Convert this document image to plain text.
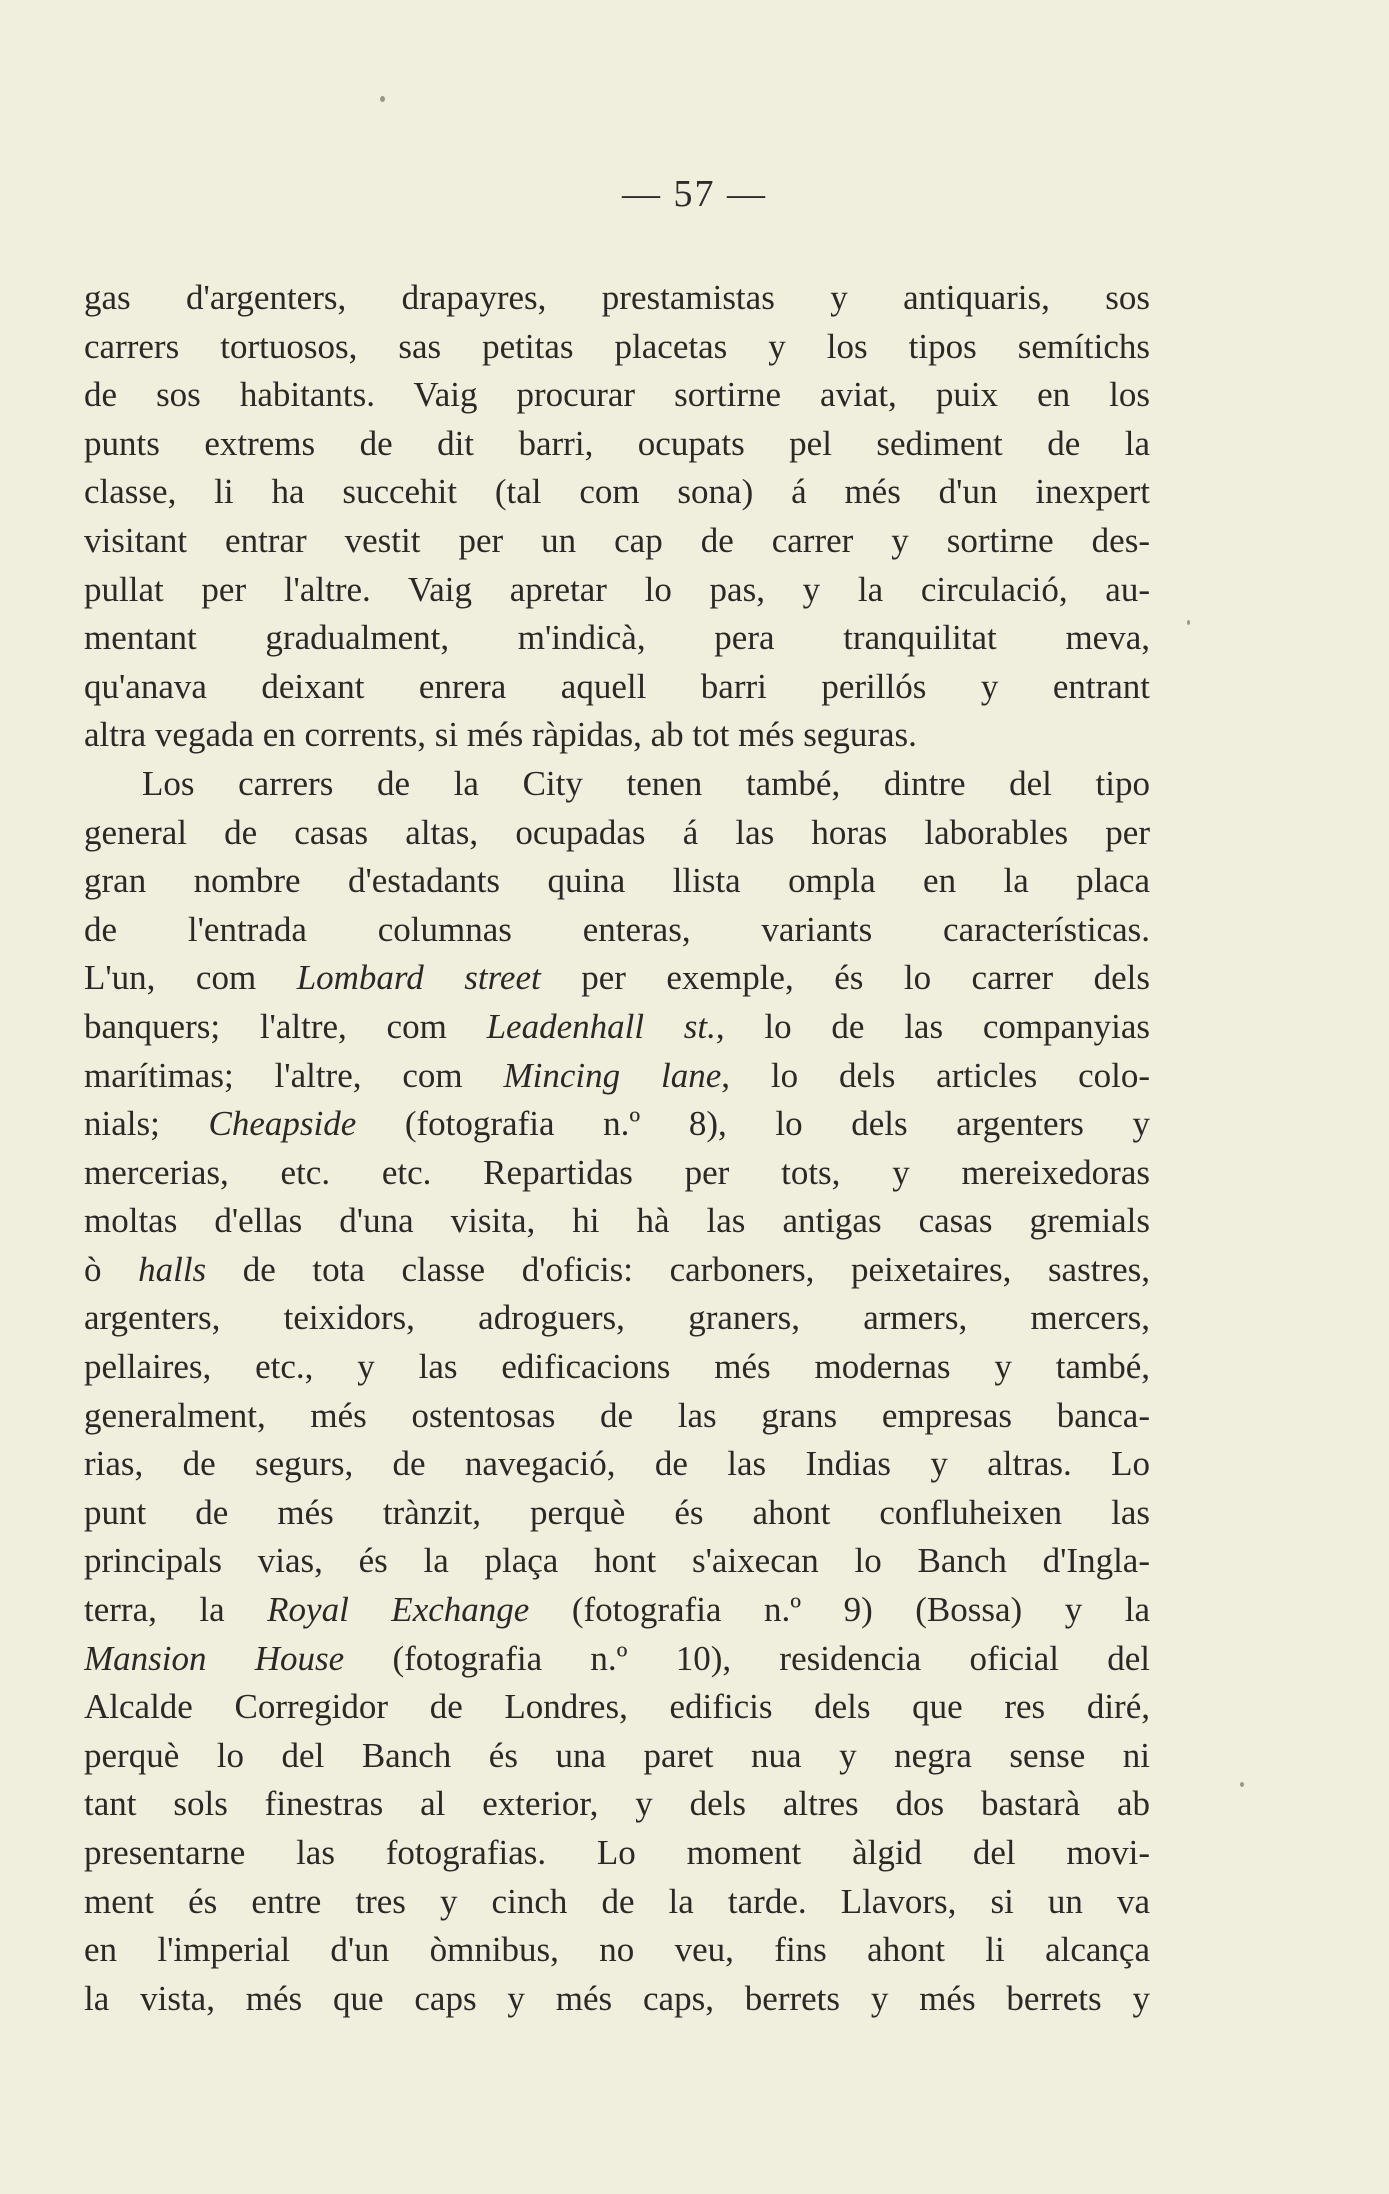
— 57 —
gas d'argenters, drapayres, prestamistas y antiquaris, sos
carrers tortuosos, sas petitas placetas y los tipos semítichs
de sos habitants. Vaig procurar sortirne aviat, puix en los
punts extrems de dit barri, ocupats pel sediment de la
classe, li ha succehit (tal com sona) á més d'un inexpert
visitant entrar vestit per un cap de carrer y sortirne des-
pullat per l'altre. Vaig apretar lo pas, y la circulació, au-
mentant gradualment, m'indicà, pera tranquilitat meva,
qu'anava deixant enrera aquell barri perillós y entrant
altra vegada en corrents, si més ràpidas, ab tot més seguras.
Los carrers de la City tenen també, dintre del tipo
general de casas altas, ocupadas á las horas laborables per
gran nombre d'estadants quina llista ompla en la placa
de l'entrada columnas enteras, variants características.
L'un, com Lombard street per exemple, és lo carrer dels
banquers; l'altre, com Leadenhall st., lo de las companyias
marítimas; l'altre, com Mincing lane, lo dels articles colo-
nials; Cheapside (fotografia n.º 8), lo dels argenters y
mercerias, etc. etc. Repartidas per tots, y mereixedoras
moltas d'ellas d'una visita, hi hà las antigas casas gremials
ò halls de tota classe d'oficis: carboners, peixetaires, sastres,
argenters, teixidors, adroguers, graners, armers, mercers,
pellaires, etc., y las edificacions més modernas y també,
generalment, més ostentosas de las grans empresas banca-
rias, de segurs, de navegació, de las Indias y altras. Lo
punt de més trànzit, perquè és ahont confluheixen las
principals vias, és la plaça hont s'aixecan lo Banch d'Ingla-
terra, la Royal Exchange (fotografia n.º 9) (Bossa) y la
Mansion House (fotografia n.º 10), residencia oficial del
Alcalde Corregidor de Londres, edificis dels que res diré,
perquè lo del Banch és una paret nua y negra sense ni
tant sols finestras al exterior, y dels altres dos bastarà ab
presentarne las fotografias. Lo moment àlgid del movi-
ment és entre tres y cinch de la tarde. Llavors, si un va
en l'imperial d'un òmnibus, no veu, fins ahont li alcança
la vista, més que caps y més caps, berrets y més berrets y
